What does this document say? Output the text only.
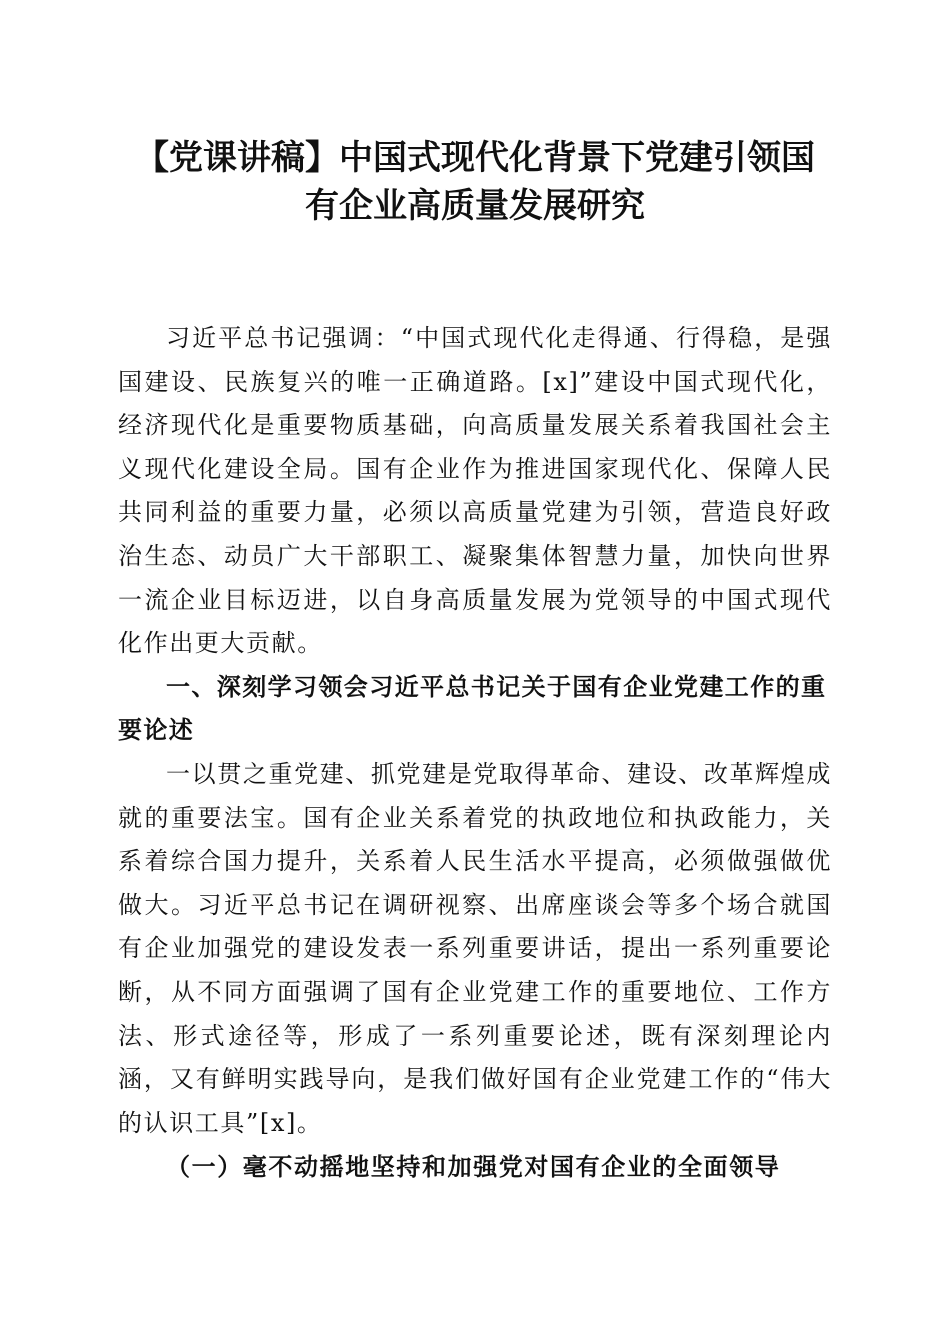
【党课讲稿】中国式现代化背景下党建引领国
有企业高质量发展研究

习近平总书记强调：“中国式现代化走得通、行得稳，是强国建设、民族复兴的唯一正确道路。[x]”建设中国式现代化，经济现代化是重要物质基础，向高质量发展关系着我国社会主义现代化建设全局。国有企业作为推进国家现代化、保障人民共同利益的重要力量，必须以高质量党建为引领，营造良好政治生态、动员广大干部职工、凝聚集体智慧力量，加快向世界一流企业目标迈进，以自身高质量发展为党领导的中国式现代化作出更大贡献。

一、深刻学习领会习近平总书记关于国有企业党建工作的重要论述

一以贯之重党建、抓党建是党取得革命、建设、改革辉煌成就的重要法宝。国有企业关系着党的执政地位和执政能力，关系着综合国力提升，关系着人民生活水平提高，必须做强做优做大。习近平总书记在调研视察、出席座谈会等多个场合就国有企业加强党的建设发表一系列重要讲话，提出一系列重要论断，从不同方面强调了国有企业党建工作的重要地位、工作方法、形式途径等，形成了一系列重要论述，既有深刻理论内涵，又有鲜明实践导向，是我们做好国有企业党建工作的“伟大的认识工具”[x]。

（一）毫不动摇地坚持和加强党对国有企业的全面领导
